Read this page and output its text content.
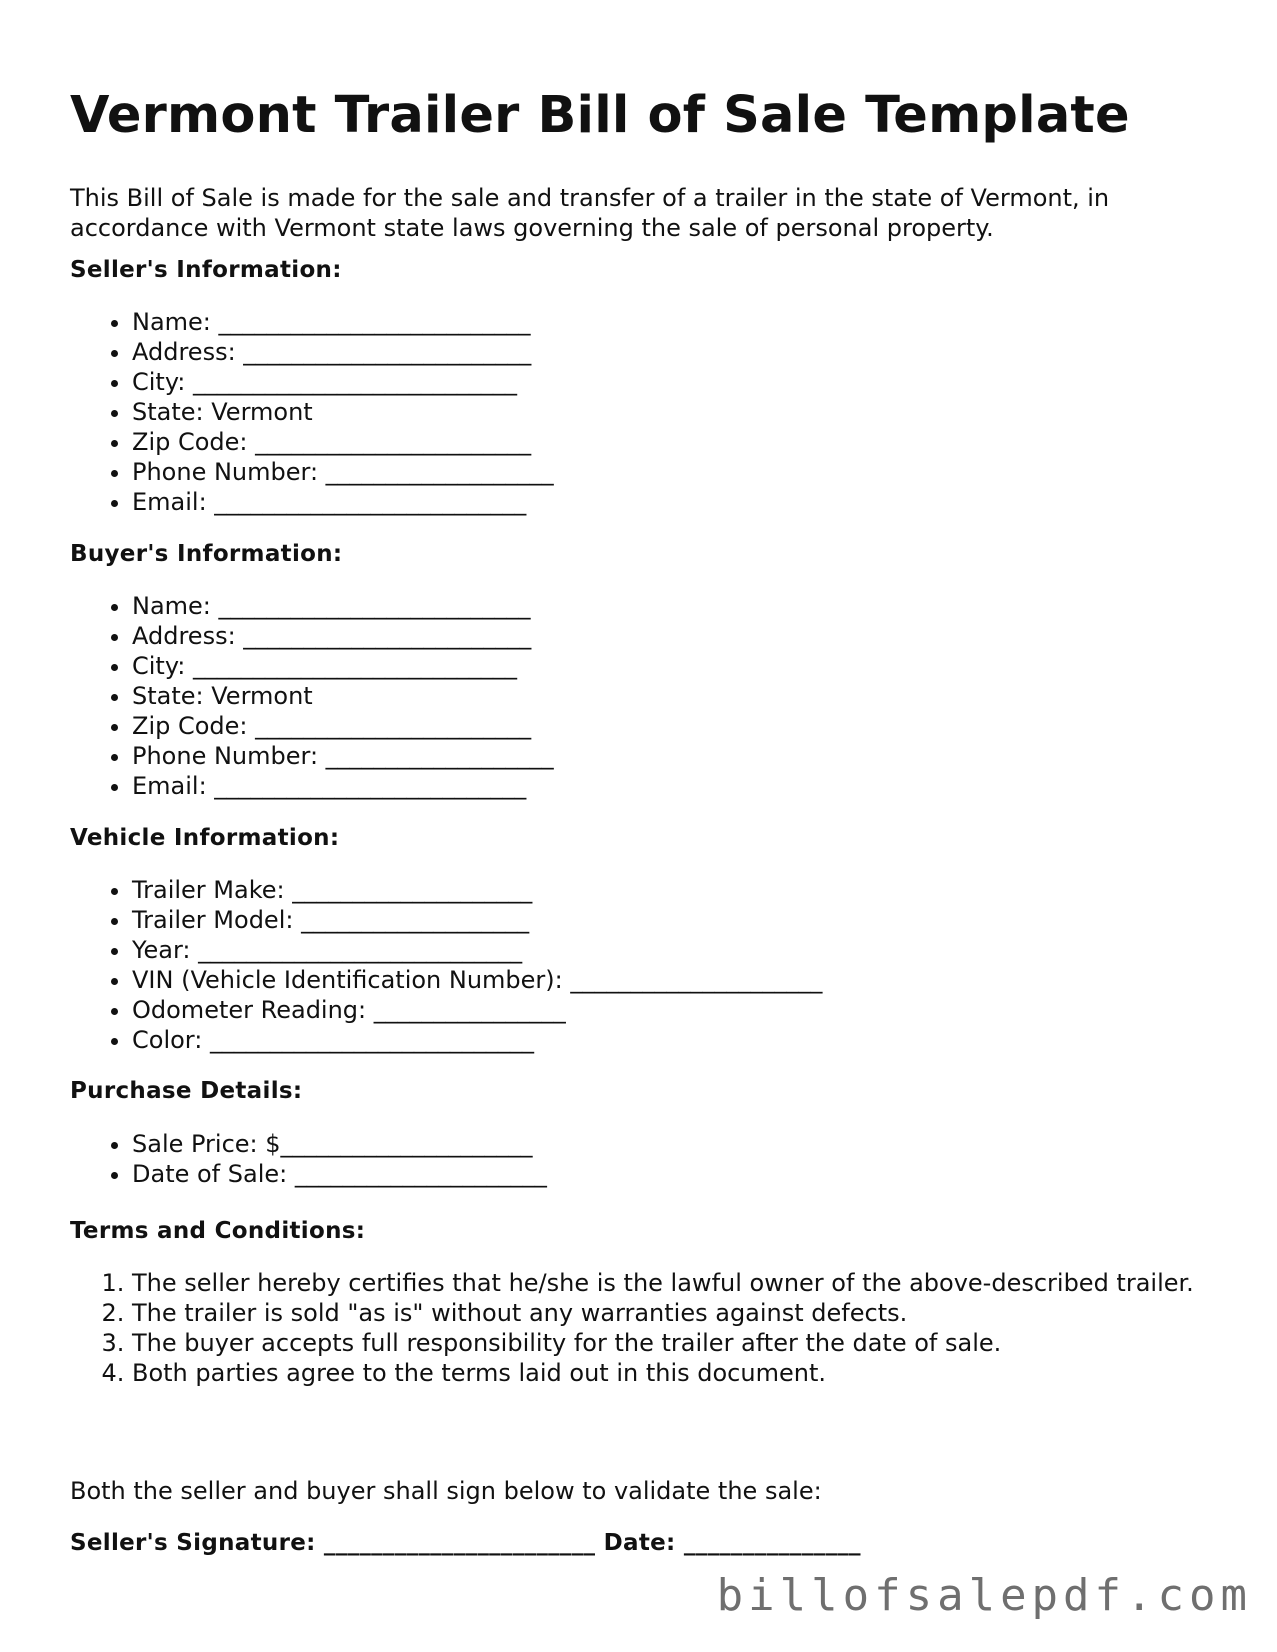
Vermont Trailer Bill of Sale Template

This Bill of Sale is made for the sale and transfer of a trailer in the state of Vermont, in accordance with Vermont state laws governing the sale of personal property.

Seller's Information:
• Name: __________________________
• Address: ________________________
• City: ___________________________
• State: Vermont
• Zip Code: _______________________
• Phone Number: ___________________
• Email: __________________________
Buyer's Information:
• Name: __________________________
• Address: ________________________
• City: ___________________________
• State: Vermont
• Zip Code: _______________________
• Phone Number: ___________________
• Email: __________________________
Vehicle Information:
• Trailer Make: ____________________
• Trailer Model: ___________________
• Year: ___________________________
• VIN (Vehicle Identification Number): _____________________
• Odometer Reading: ________________
• Color: ___________________________
Purchase Details:
• Sale Price: $_____________________
• Date of Sale: _____________________
Terms and Conditions:
1. The seller hereby certifies that he/she is the lawful owner of the above-described trailer.
2. The trailer is sold "as is" without any warranties against defects.
3. The buyer accepts full responsibility for the trailer after the date of sale.
4. Both parties agree to the terms laid out in this document.

Both the seller and buyer shall sign below to validate the sale:

Seller's Signature: _______________________ Date: _______________
billofsalepdf.com
